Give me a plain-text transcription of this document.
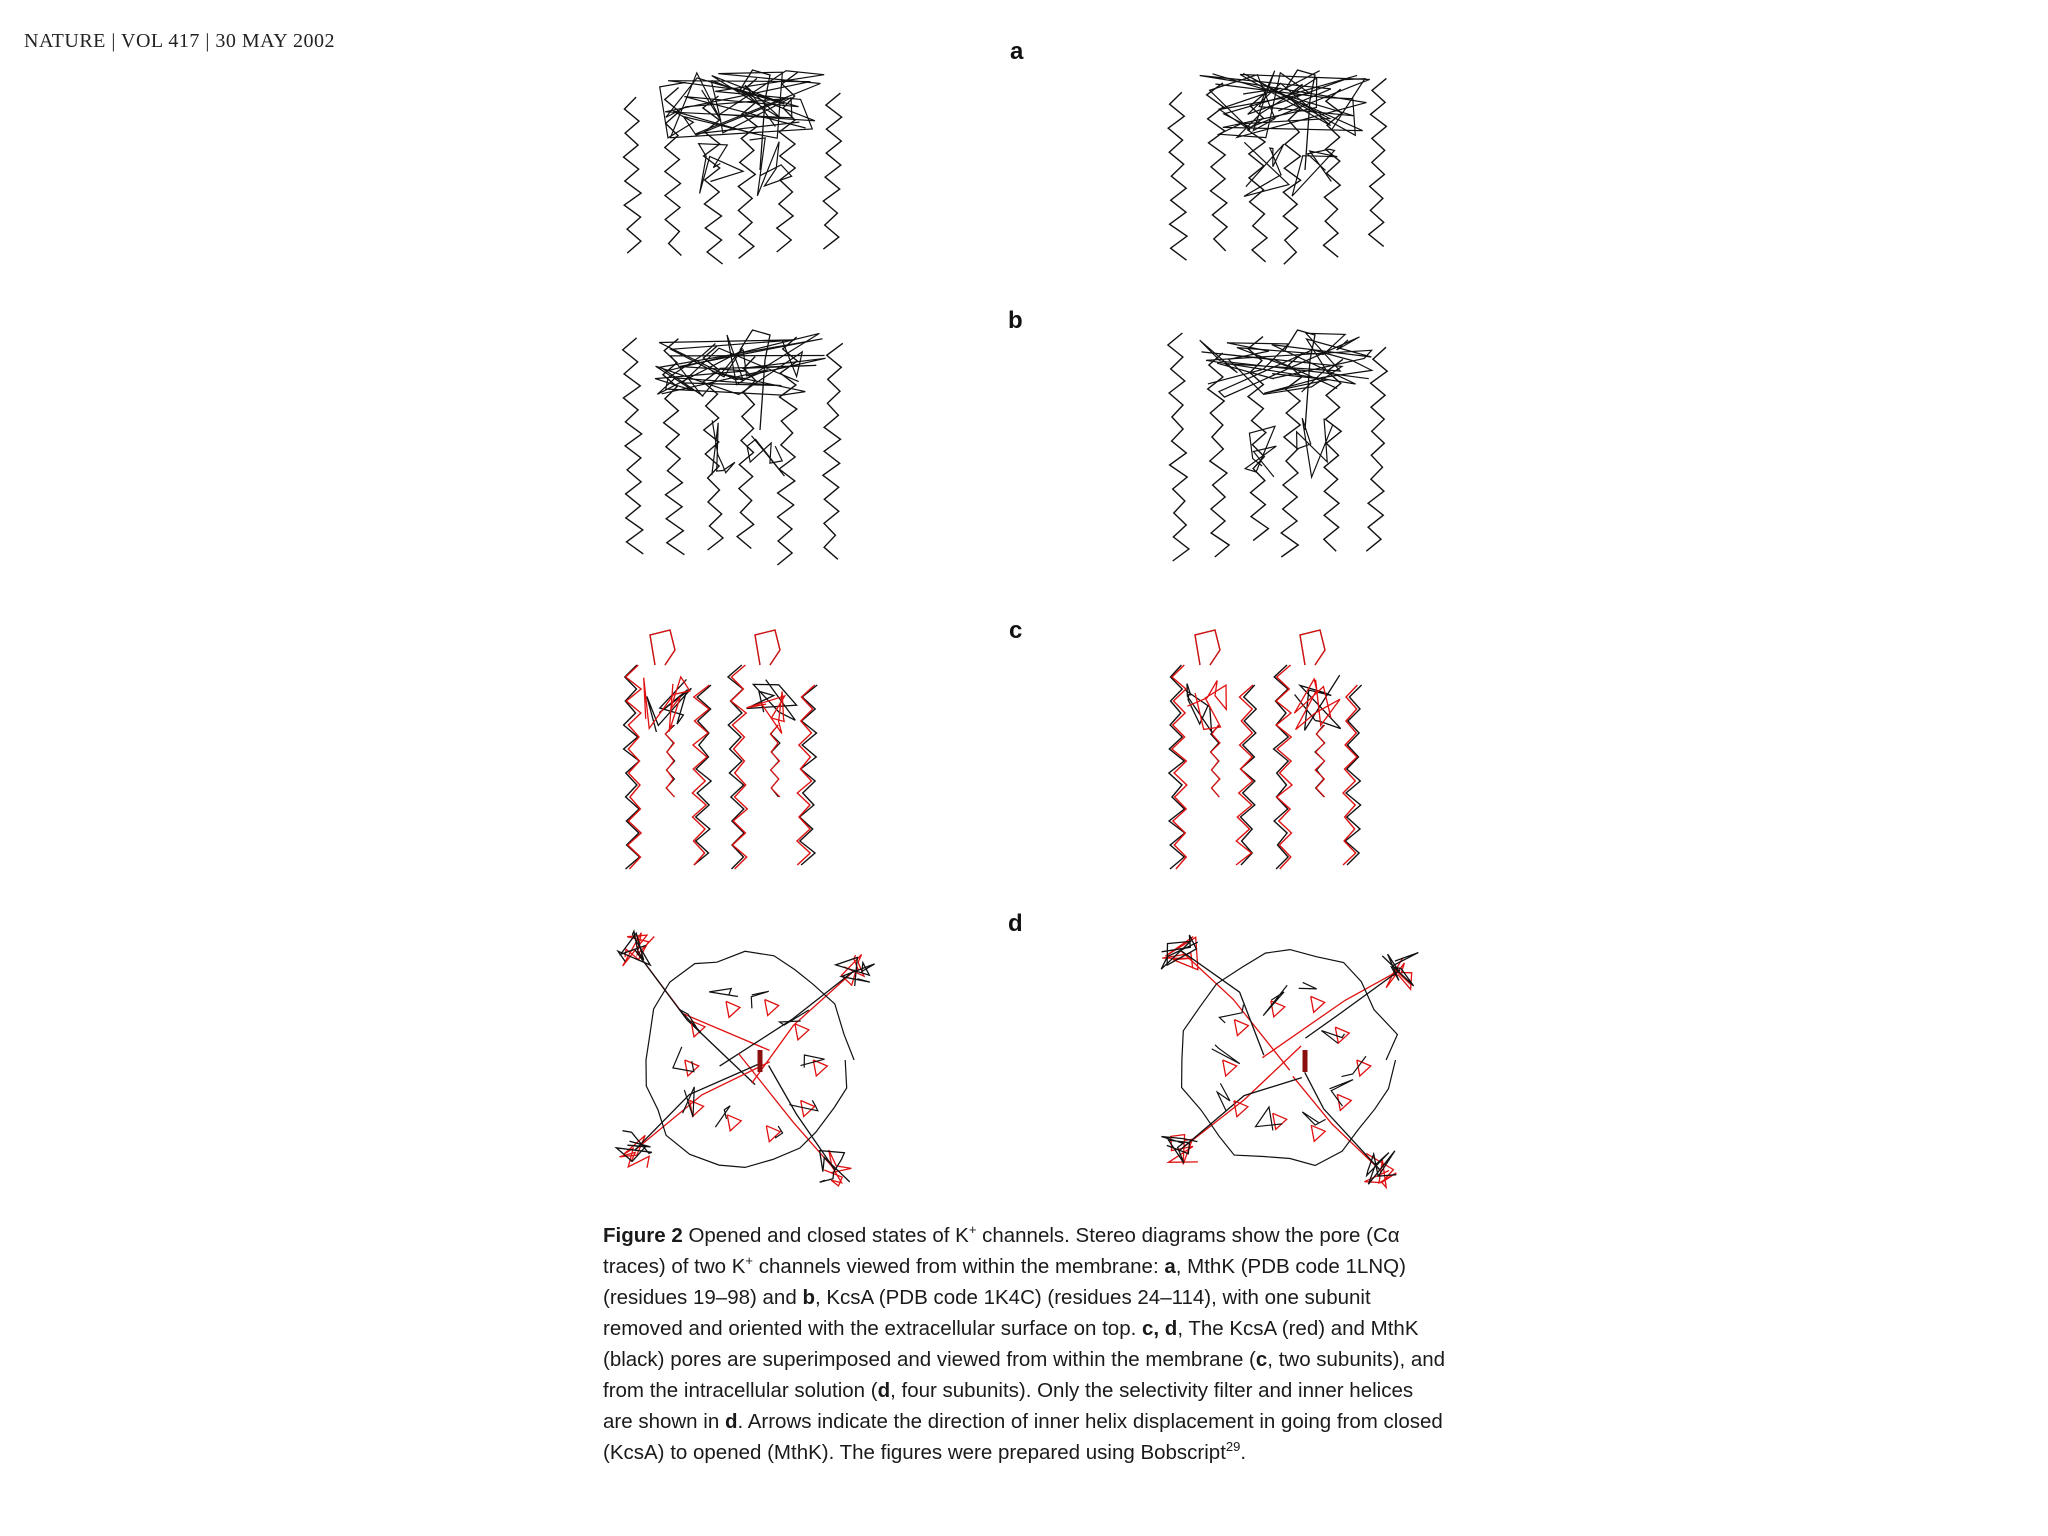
NATURE | VOL 417 | 30 MAY 2002	a
b
c
d
Figure 2 Opened and closed states of K+ channels. Stereo diagrams show the pore (Cα traces) of two K+ channels viewed from within the membrane: a, MthK (PDB code 1LNQ) (residues 19–98) and b, KcsA (PDB code 1K4C) (residues 24–114), with one subunit removed and oriented with the extracellular surface on top. c, d, The KcsA (red) and MthK (black) pores are superimposed and viewed from within the membrane (c, two subunits), and from the intracellular solution (d, four subunits). Only the selectivity filter and inner helices are shown in d. Arrows indicate the direction of inner helix displacement in going from closed (KcsA) to opened (MthK). The figures were prepared using Bobscript$^{29}$.
